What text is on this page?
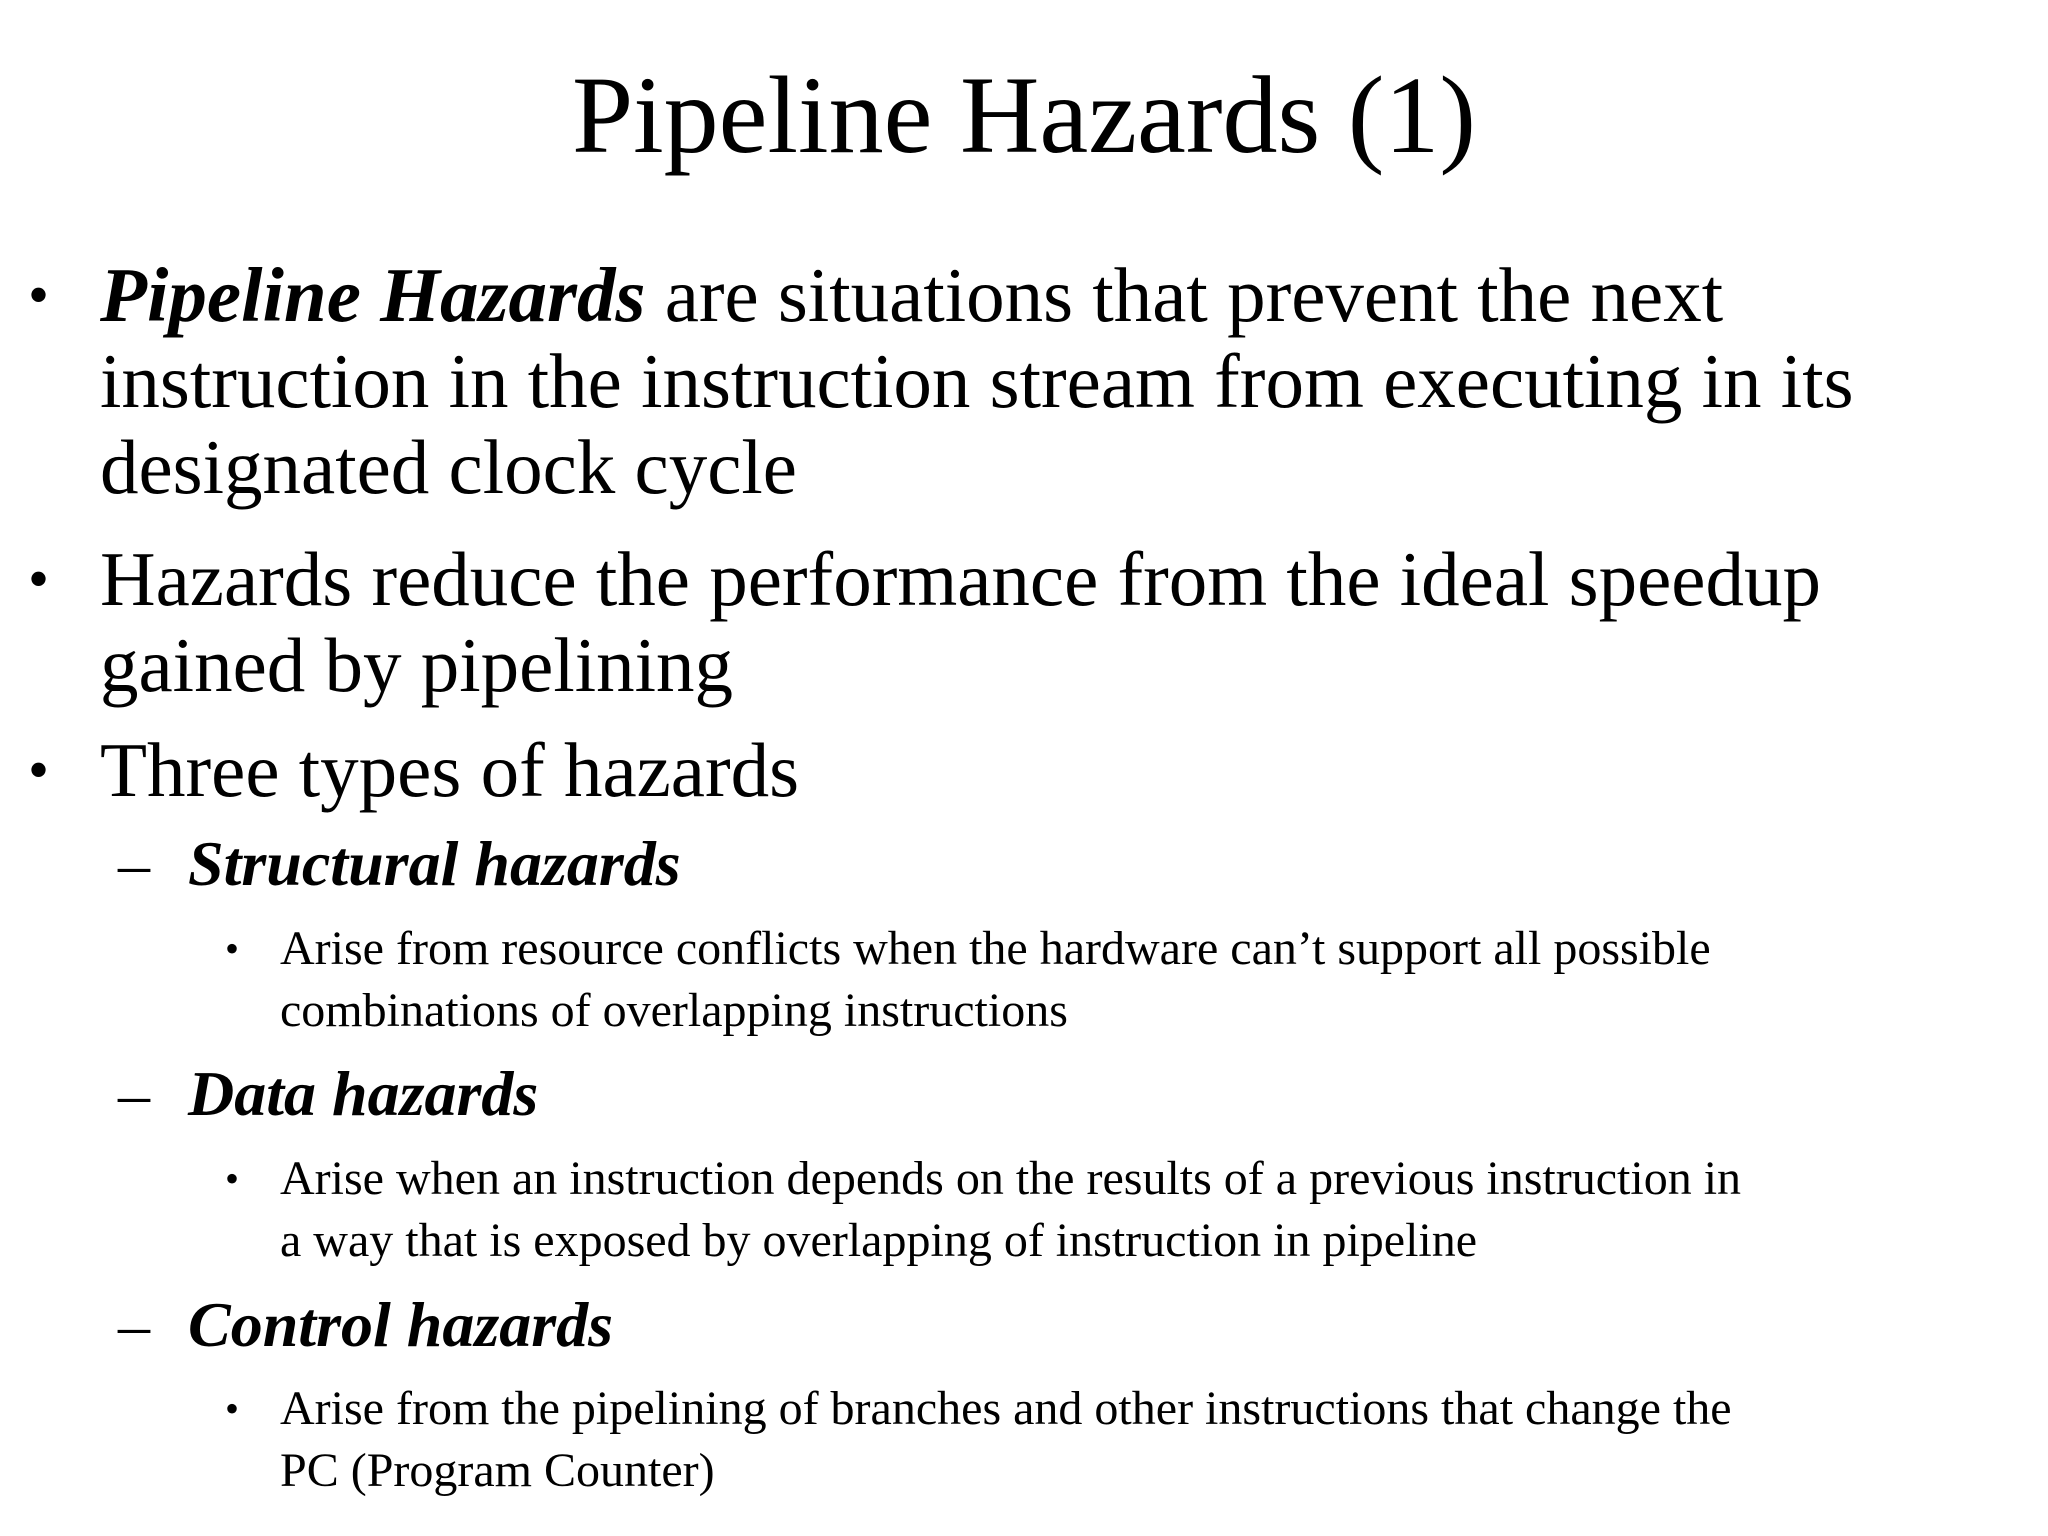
Pipeline Hazards (1)
• Pipeline Hazards are situations that prevent the next
instruction in the instruction stream from executing in its
designated clock cycle
• Hazards reduce the performance from the ideal speedup
gained by pipelining
• Three types of hazards
– Structural hazards
• Arise from resource conflicts when the hardware can’t support all possible
combinations of overlapping instructions
– Data hazards
• Arise when an instruction depends on the results of a previous instruction in
a way that is exposed by overlapping of instruction in pipeline
– Control hazards
• Arise from the pipelining of branches and other instructions that change the
PC (Program Counter)
